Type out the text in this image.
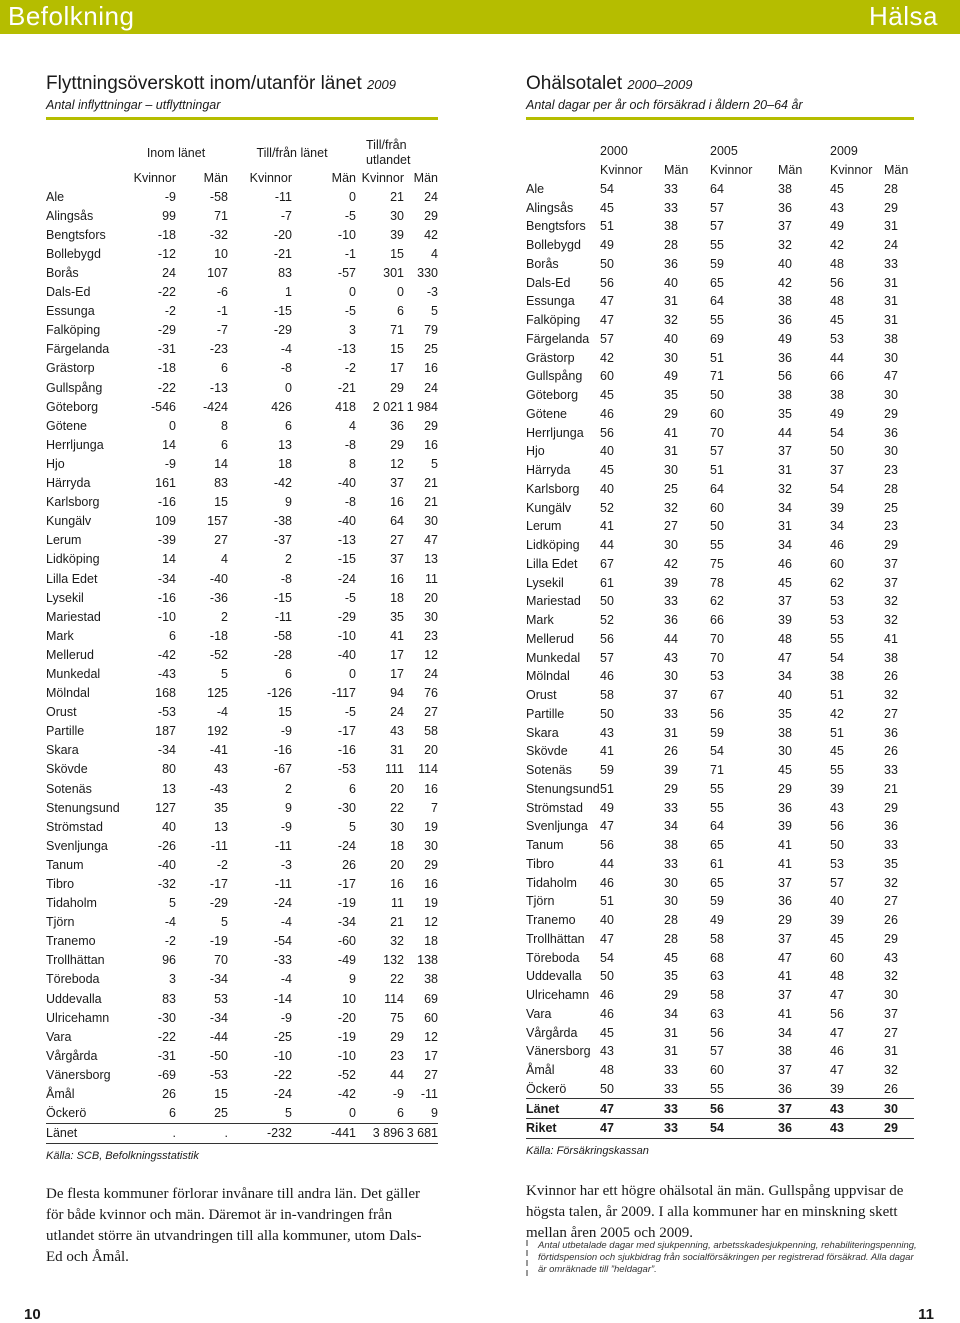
Befolkning	Hälsa
Flyttningsöverskott inom/utanför länet 2009
Antal inflyttningar – utflyttningar
	Inom länet		Till/från länet		Till/från utlandet	
	Kvinnor	Män	Kvinnor	Män	Kvinnor	Män
Ale	-9	-58	-11	0	21	24
Alingsås	99	71	-7	-5	30	29
Bengtsfors	-18	-32	-20	-10	39	42
Bollebygd	-12	10	-21	-1	15	4
Borås	24	107	83	-57	301	330
Dals-Ed	-22	-6	1	0	0	-3
Essunga	-2	-1	-15	-5	6	5
Falköping	-29	-7	-29	3	71	79
Färgelanda	-31	-23	-4	-13	15	25
Grästorp	-18	6	-8	-2	17	16
Gullspång	-22	-13	0	-21	29	24
Göteborg	-546	-424	426	418	2 021	1 984
Götene	0	8	6	4	36	29
Herrljunga	14	6	13	-8	29	16
Hjo	-9	14	18	8	12	5
Härryda	161	83	-42	-40	37	21
Karlsborg	-16	15	9	-8	16	21
Kungälv	109	157	-38	-40	64	30
Lerum	-39	27	-37	-13	27	47
Lidköping	14	4	2	-15	37	13
Lilla Edet	-34	-40	-8	-24	16	11
Lysekil	-16	-36	-15	-5	18	20
Mariestad	-10	2	-11	-29	35	30
Mark	6	-18	-58	-10	41	23
Mellerud	-42	-52	-28	-40	17	12
Munkedal	-43	5	6	0	17	24
Mölndal	168	125	-126	-117	94	76
Orust	-53	-4	15	-5	24	27
Partille	187	192	-9	-17	43	58
Skara	-34	-41	-16	-16	31	20
Skövde	80	43	-67	-53	111	114
Sotenäs	13	-43	2	6	20	16
Stenungsund	127	35	9	-30	22	7
Strömstad	40	13	-9	5	30	19
Svenljunga	-26	-11	-11	-24	18	30
Tanum	-40	-2	-3	26	20	29
Tibro	-32	-17	-11	-17	16	16
Tidaholm	5	-29	-24	-19	11	19
Tjörn	-4	5	-4	-34	21	12
Tranemo	-2	-19	-54	-60	32	18
Trollhättan	96	70	-33	-49	132	138
Töreboda	3	-34	-4	9	22	38
Uddevalla	83	53	-14	10	114	69
Ulricehamn	-30	-34	-9	-20	75	60
Vara	-22	-44	-25	-19	29	12
Vårgårda	-31	-50	-10	-10	23	17
Vänersborg	-69	-53	-22	-52	44	27
Åmål	26	15	-24	-42	-9	-11
Öckerö	6	25	5	0	6	9
Länet	.	.	-232	-441	3 896	3 681
Källa: SCB, Befolkningsstatistik
De flesta kommuner förlorar invånare till andra län. Det gäller för både kvinnor och män. Däremot är in-vandringen från utlandet större än utvandringen till alla kommuner, utom Dals-Ed och Åmål.
Ohälsotalet 2000–2009
Antal dagar per år och försäkrad i åldern 20–64 år
	2000		2005		2009	
	Kvinnor	Män	Kvinnor	Män	Kvinnor	Män
Ale	54	33	64	38	45	28
Alingsås	45	33	57	36	43	29
Bengtsfors	51	38	57	37	49	31
Bollebygd	49	28	55	32	42	24
Borås	50	36	59	40	48	33
Dals-Ed	56	40	65	42	56	31
Essunga	47	31	64	38	48	31
Falköping	47	32	55	36	45	31
Färgelanda	57	40	69	49	53	38
Grästorp	42	30	51	36	44	30
Gullspång	60	49	71	56	66	47
Göteborg	45	35	50	38	38	30
Götene	46	29	60	35	49	29
Herrljunga	56	41	70	44	54	36
Hjo	40	31	57	37	50	30
Härryda	45	30	51	31	37	23
Karlsborg	40	25	64	32	54	28
Kungälv	52	32	60	34	39	25
Lerum	41	27	50	31	34	23
Lidköping	44	30	55	34	46	29
Lilla Edet	67	42	75	46	60	37
Lysekil	61	39	78	45	62	37
Mariestad	50	33	62	37	53	32
Mark	52	36	66	39	53	32
Mellerud	56	44	70	48	55	41
Munkedal	57	43	70	47	54	38
Mölndal	46	30	53	34	38	26
Orust	58	37	67	40	51	32
Partille	50	33	56	35	42	27
Skara	43	31	59	38	51	36
Skövde	41	26	54	30	45	26
Sotenäs	59	39	71	45	55	33
Stenungsund	51	29	55	29	39	21
Strömstad	49	33	55	36	43	29
Svenljunga	47	34	64	39	56	36
Tanum	56	38	65	41	50	33
Tibro	44	33	61	41	53	35
Tidaholm	46	30	65	37	57	32
Tjörn	51	30	59	36	40	27
Tranemo	40	28	49	29	39	26
Trollhättan	47	28	58	37	45	29
Töreboda	54	45	68	47	60	43
Uddevalla	50	35	63	41	48	32
Ulricehamn	46	29	58	37	47	30
Vara	46	34	63	41	56	37
Vårgårda	45	31	56	34	47	27
Vänersborg	43	31	57	38	46	31
Åmål	48	33	60	37	47	32
Öckerö	50	33	55	36	39	26
Länet	47	33	56	37	43	30
Riket	47	33	54	36	43	29
Källa: Försäkringskassan
Kvinnor har ett högre ohälsotal än män. Gullspång uppvisar de högsta talen, år 2009. I alla kommuner har en minskning skett mellan åren 2005 och 2009.
Antal utbetalade dagar med sjukpenning, arbetsskadesjukpenning, rehabiliteringspenning, förtidspension och sjukbidrag från socialförsäkringen per registrerad försäkrad. Alla dagar är omräknade till ”heldagar”.
10	11
